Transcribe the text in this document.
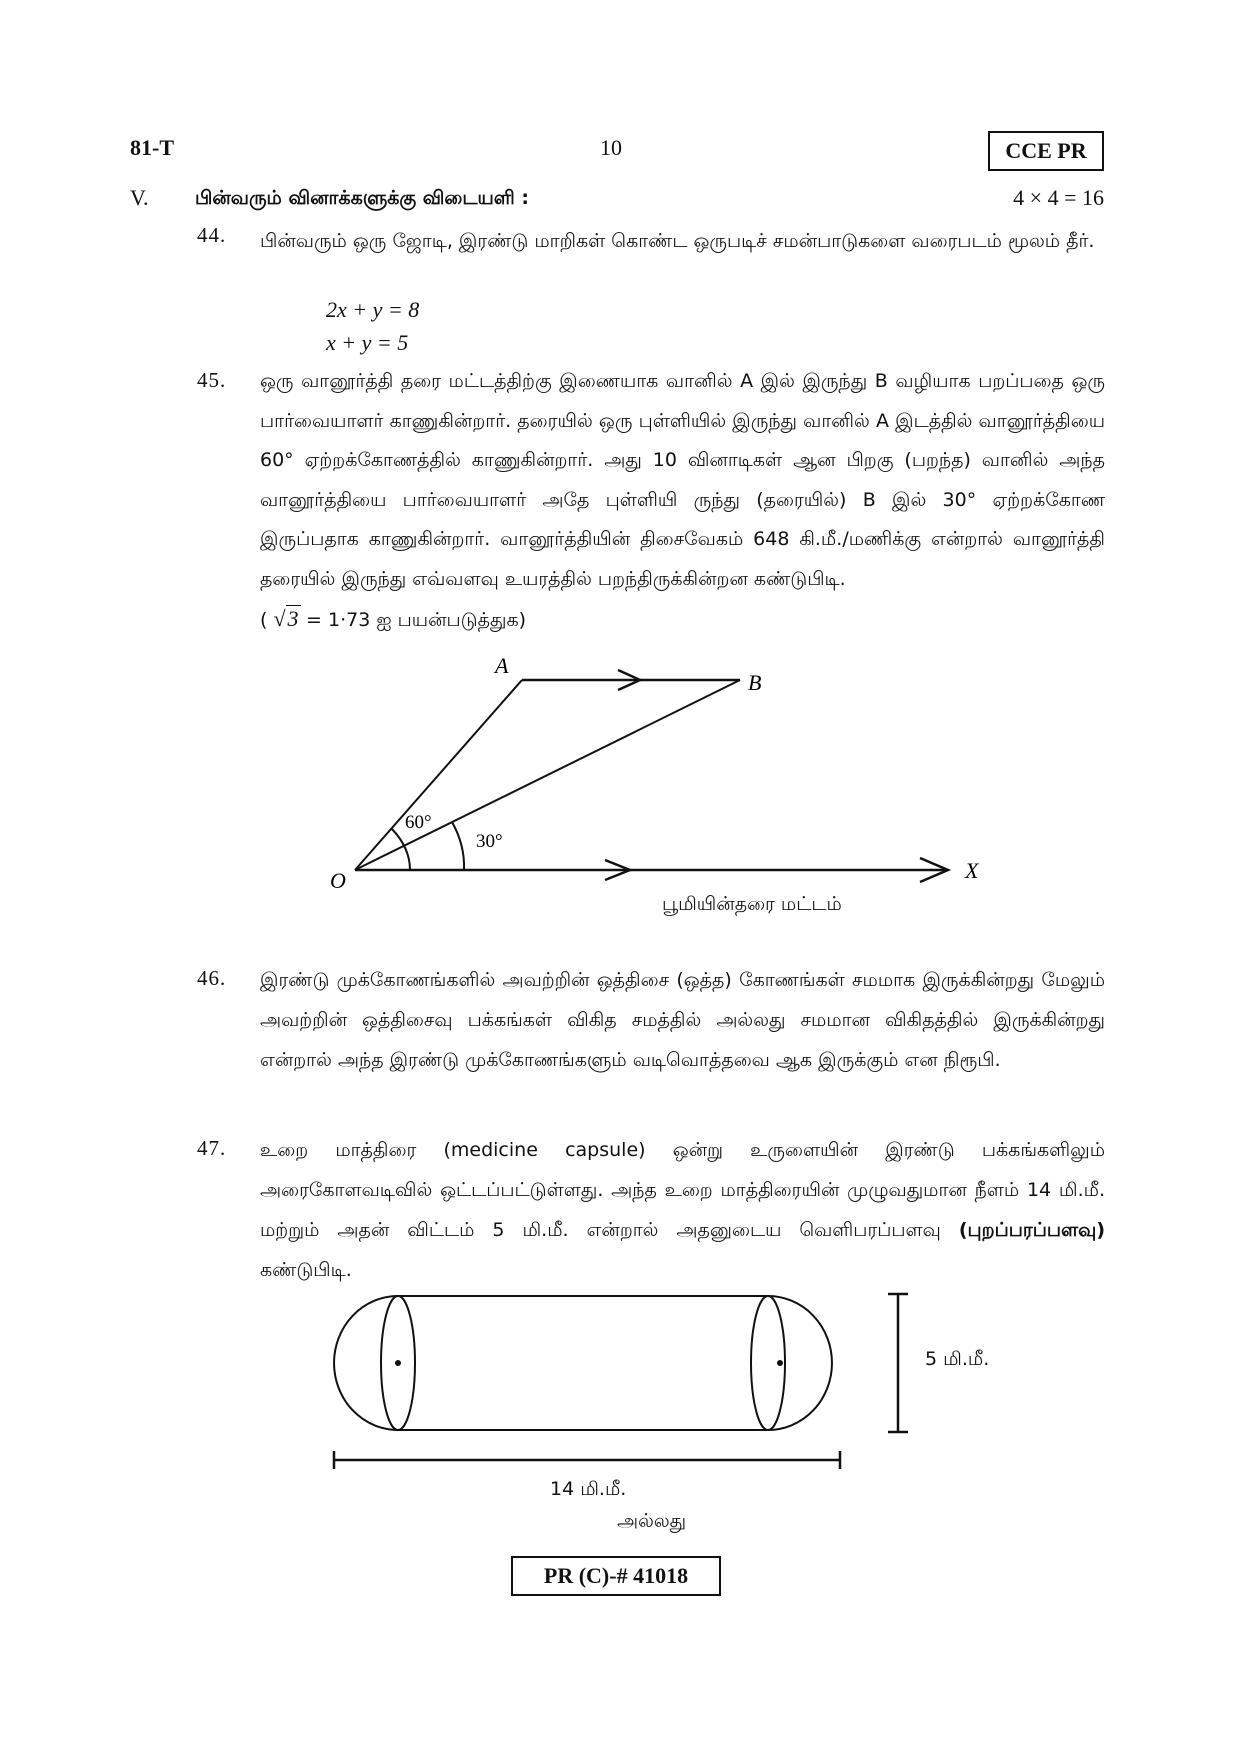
81-T	10	CCE PR
V. பின்வரும் வினாக்களுக்கு விடையளி :	4 × 4 = 16
44. பின்வரும் ஒரு ஜோடி, இரண்டு மாறிகள் கொண்ட ஒருபடிச் சமன்பாடுகளை வரைபடம் மூலம் தீர்.
2x + y = 8
x + y = 5
45. ஒரு வானூர்த்தி தரை மட்டத்திற்கு இணையாக வானில் A இல் இருந்து B வழியாக பறப்பதை ஒரு பார்வையாளர் காணுகின்றார். தரையில் ஒரு புள்ளியில் இருந்து வானில் A இடத்தில் வானூர்த்தியை 60° ஏற்றக்கோணத்தில் காணுகின்றார். அது 10 வினாடிகள் ஆன பிறகு (பறந்த) வானில் அந்த வானூர்த்தியை பார்வையாளர் அதே புள்ளியி ருந்து (தரையில்) B இல் 30° ஏற்றக்கோண இருப்பதாக காணுகின்றார். வானூர்த்தியின் திசைவேகம் 648 கி.மீ./மணிக்கு என்றால் வானூர்த்தி தரையில் இருந்து எவ்வளவு உயரத்தில் பறந்திருக்கின்றன கண்டுபிடி.
( √3 = 1·73 ஐ பயன்படுத்துக)
A
B
O	X
60°
30°
பூமியின்தரை மட்டம்
46. இரண்டு முக்கோணங்களில் அவற்றின் ஒத்திசை (ஒத்த) கோணங்கள் சமமாக இருக்கின்றது மேலும் அவற்றின் ஒத்திசைவு பக்கங்கள் விகித சமத்தில் அல்லது சமமான விகிதத்தில் இருக்கின்றது என்றால் அந்த இரண்டு முக்கோணங்களும் வடிவொத்தவை ஆக இருக்கும் என நிரூபி.
47. உறை மாத்திரை (medicine capsule) ஒன்று உருளையின் இரண்டு பக்கங்களிலும் அரைகோளவடிவில் ஒட்டப்பட்டுள்ளது. அந்த உறை மாத்திரையின் முழுவதுமான நீளம் 14 மி.மீ. மற்றும் அதன் விட்டம் 5 மி.மீ. என்றால் அதனுடைய வெளிபரப்பளவு (புறப்பரப்பளவு) கண்டுபிடி.
5 மி.மீ.
14 மி.மீ.
அல்லது
PR (C)-# 41018
